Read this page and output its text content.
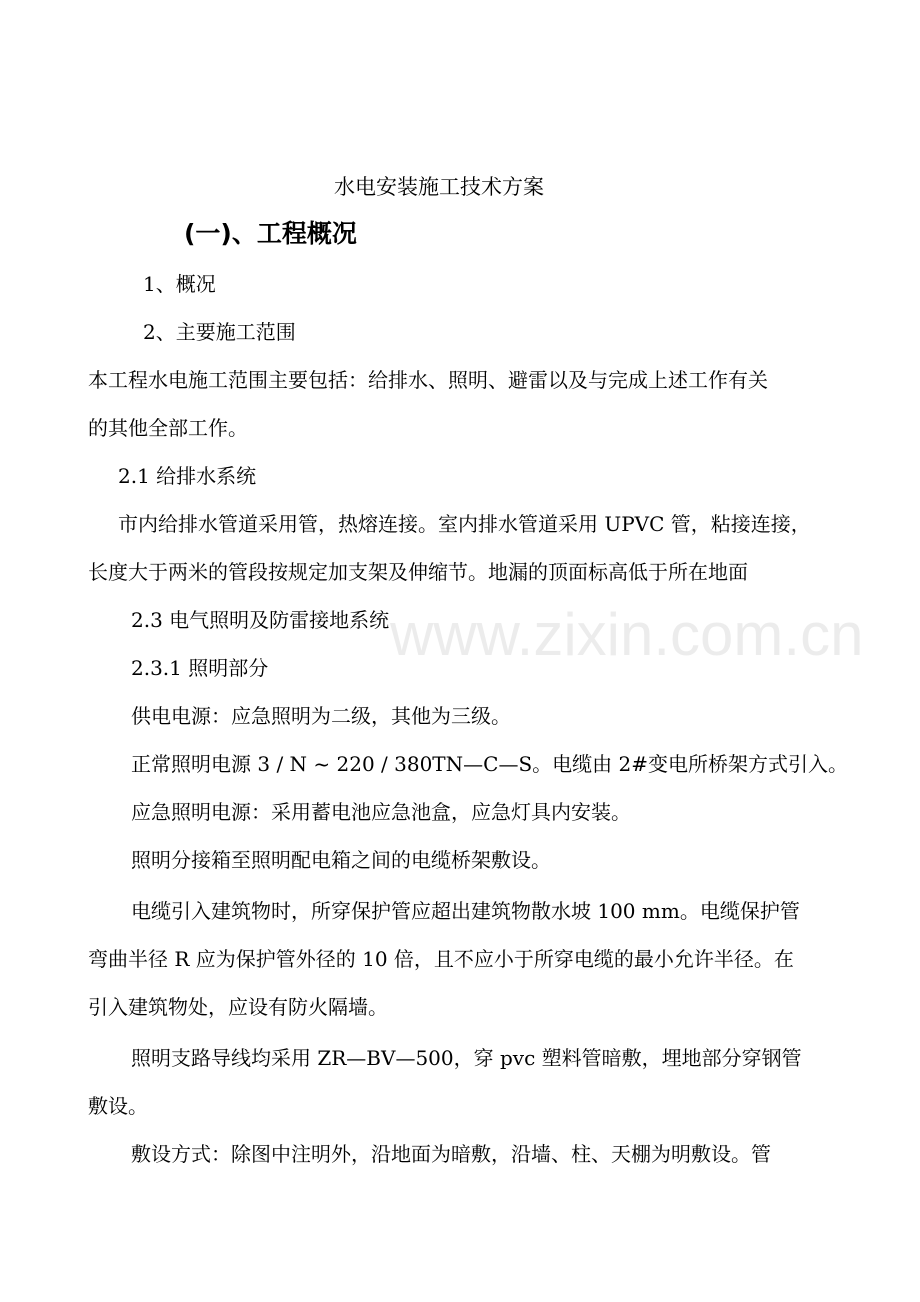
水电安装施工技术方案
(一)、工程概况
1、概况
2、主要施工范围
本工程水电施工范围主要包括：给排水、照明、避雷以及与完成上述工作有关
的其他全部工作。
2.1 给排水系统
市内给排水管道采用管，热熔连接。室内排水管道采用 UPVC 管，粘接连接，
长度大于两米的管段按规定加支架及伸缩节。地漏的顶面标高低于所在地面
2.3 电气照明及防雷接地系统
2.3.1 照明部分
供电电源：应急照明为二级，其他为三级。
正常照明电源 3 / N ~ 220 / 380TN—C—S。电缆由 2#变电所桥架方式引入。
应急照明电源：采用蓄电池应急池盒，应急灯具内安装。
照明分接箱至照明配电箱之间的电缆桥架敷设。
电缆引入建筑物时，所穿保护管应超出建筑物散水坡 100 mm。电缆保护管
弯曲半径 R 应为保护管外径的 10 倍，且不应小于所穿电缆的最小允许半径。在
引入建筑物处，应设有防火隔墙。
照明支路导线均采用 ZR—BV—500，穿 pvc 塑料管暗敷，埋地部分穿钢管
敷设。
敷设方式：除图中注明外，沿地面为暗敷，沿墙、柱、天棚为明敷设。管
www.zixin.com.cn
